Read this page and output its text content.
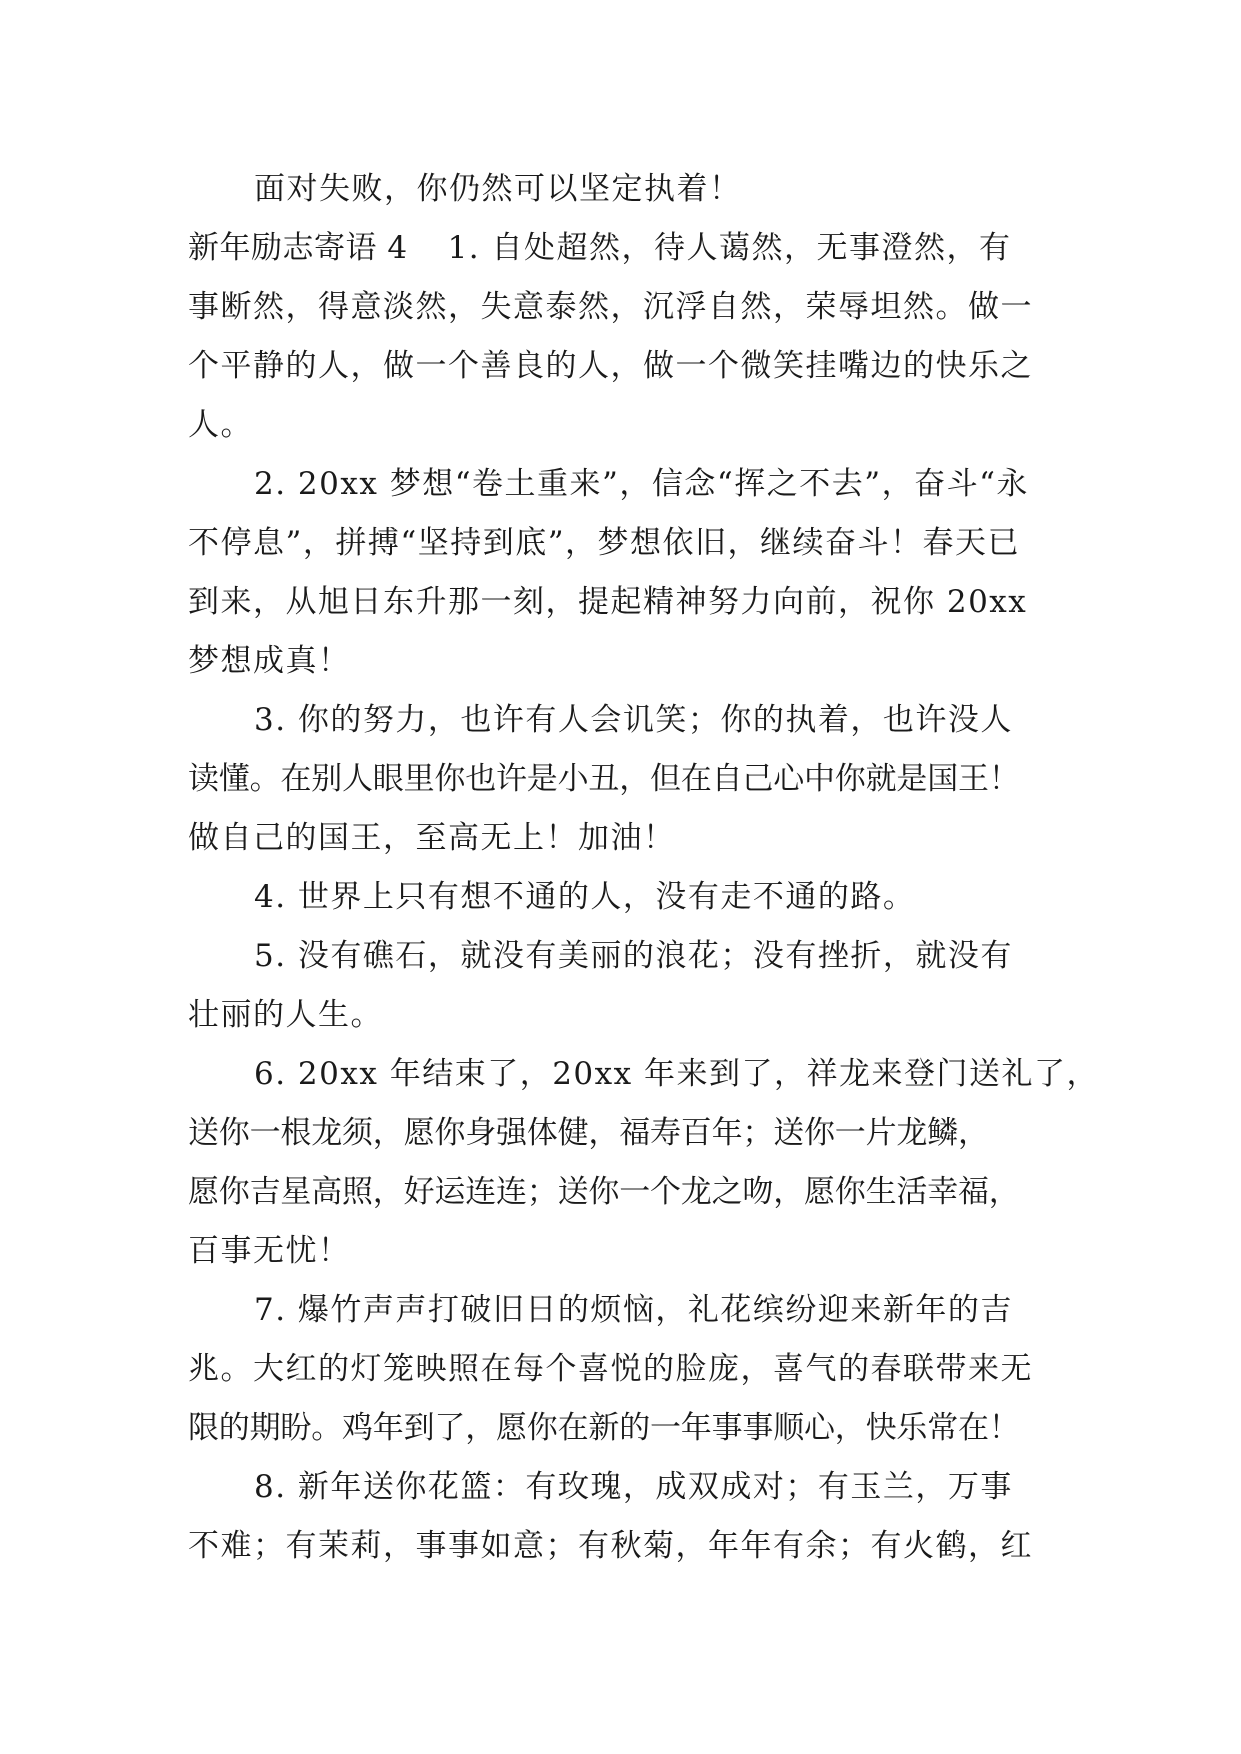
面对失败，你仍然可以坚定执着！
新年励志寄语 4 1. 自处超然，待人蔼然，无事澄然，有
事断然，得意淡然，失意泰然，沉浮自然，荣辱坦然。做一
个平静的人，做一个善良的人，做一个微笑挂嘴边的快乐之
人。
2. 20xx 梦想“卷土重来”，信念“挥之不去”，奋斗“永
不停息”，拼搏“坚持到底”，梦想依旧，继续奋斗！春天已
到来，从旭日东升那一刻，提起精神努力向前，祝你 20xx
梦想成真！
3. 你的努力，也许有人会讥笑；你的执着，也许没人
读懂。在别人眼里你也许是小丑，但在自己心中你就是国王！
做自己的国王，至高无上！加油！
4. 世界上只有想不通的人，没有走不通的路。
5. 没有礁石，就没有美丽的浪花；没有挫折，就没有
壮丽的人生。
6. 20xx 年结束了，20xx 年来到了，祥龙来登门送礼了，
送你一根龙须，愿你身强体健，福寿百年；送你一片龙鳞，
愿你吉星高照，好运连连；送你一个龙之吻，愿你生活幸福，
百事无忧！
7. 爆竹声声打破旧日的烦恼，礼花缤纷迎来新年的吉
兆。大红的灯笼映照在每个喜悦的脸庞，喜气的春联带来无
限的期盼。鸡年到了，愿你在新的一年事事顺心，快乐常在！
8. 新年送你花篮：有玫瑰，成双成对；有玉兰，万事
不难；有茉莉，事事如意；有秋菊，年年有余；有火鹤，红
